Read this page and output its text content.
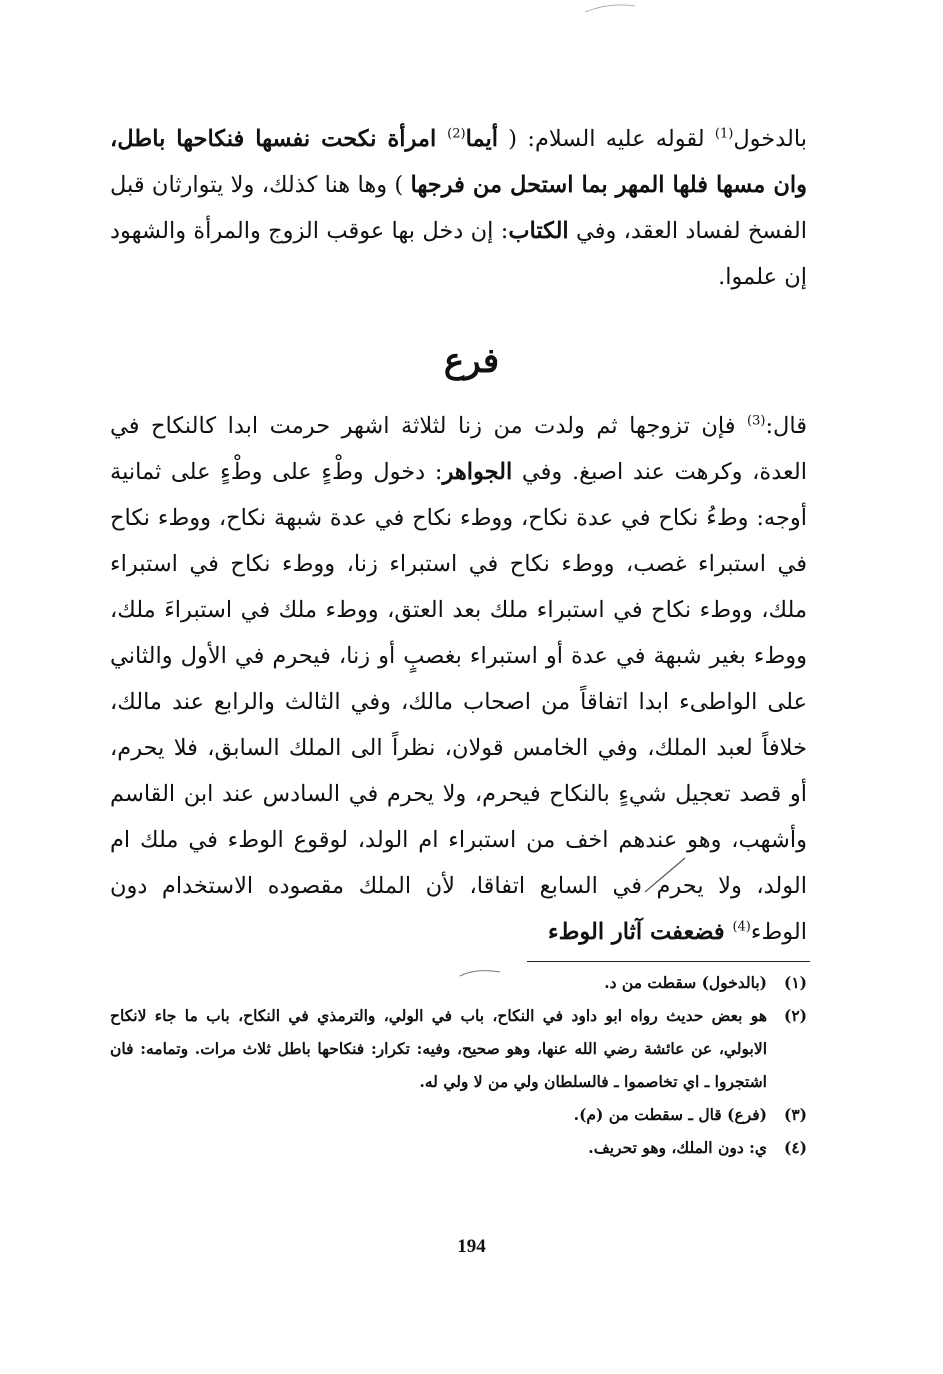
بالدخول$^{(1)}$ لقوله عليه السلام: ( أيما$^{(2)}$ امرأة نكحت نفسها فنكاحها باطل، وان مسها فلها المهر بما استحل من فرجها ) وها هنا كذلك، ولا يتوارثان قبل الفسخ لفساد العقد، وفي الكتاب: إن دخل بها عوقب الزوج والمرأة والشهود إن علموا.
فرع
قال:$^{(3)}$ فإن تزوجها ثم ولدت من زنا لثلاثة اشهر حرمت ابدا كالنكاح في العدة، وكرهت عند اصبغ. وفي الجواهر: دخول وطْءٍ على وطْءٍ على ثمانية أوجه: وطءُ نكاح في عدة نكاح، ووطء نكاح في عدة شبهة نكاح، ووطء نكاح في استبراء غصب، ووطء نكاح في استبراء زنا، ووطء نكاح في استبراء ملك، ووطء نكاح في استبراء ملك بعد العتق، ووطء ملك في استبراءَ ملك، ووطء بغير شبهة في عدة أو استبراء بغصبٍ أو زنا، فيحرم في الأول والثاني على الواطىء ابدا اتفاقاً من اصحاب مالك، وفي الثالث والرابع عند مالك، خلافاً لعبد الملك، وفي الخامس قولان، نظراً الى الملك السابق، فلا يحرم، أو قصد تعجيل شيءٍ بالنكاح فيحرم، ولا يحرم في السادس عند ابن القاسم وأشهب، وهو عندهم اخف من استبراء ام الولد، لوقوع الوطء في ملك ام الولد، ولا يحرم في السابع اتفاقا، لأن الملك مقصوده الاستخدام دون الوطء$^{(4)}$ فضعفت آثار الوطء
(١)
(بالدخول) سقطت من د.
(٢)
هو بعض حديث رواه ابو داود في النكاح، باب في الولي، والترمذي في النكاح، باب ما جاء لانكاح الابولي، عن عائشة رضي الله عنها، وهو صحيح، وفيه: تكرار: فنكاحها باطل ثلاث مرات. وتمامه: فان اشتجروا ـ اي تخاصموا ـ فالسلطان ولي من لا ولي له.
(٣)
(فرع) قال ـ سقطت من (م).
(٤)
ي: دون الملك، وهو تحريف.
194
